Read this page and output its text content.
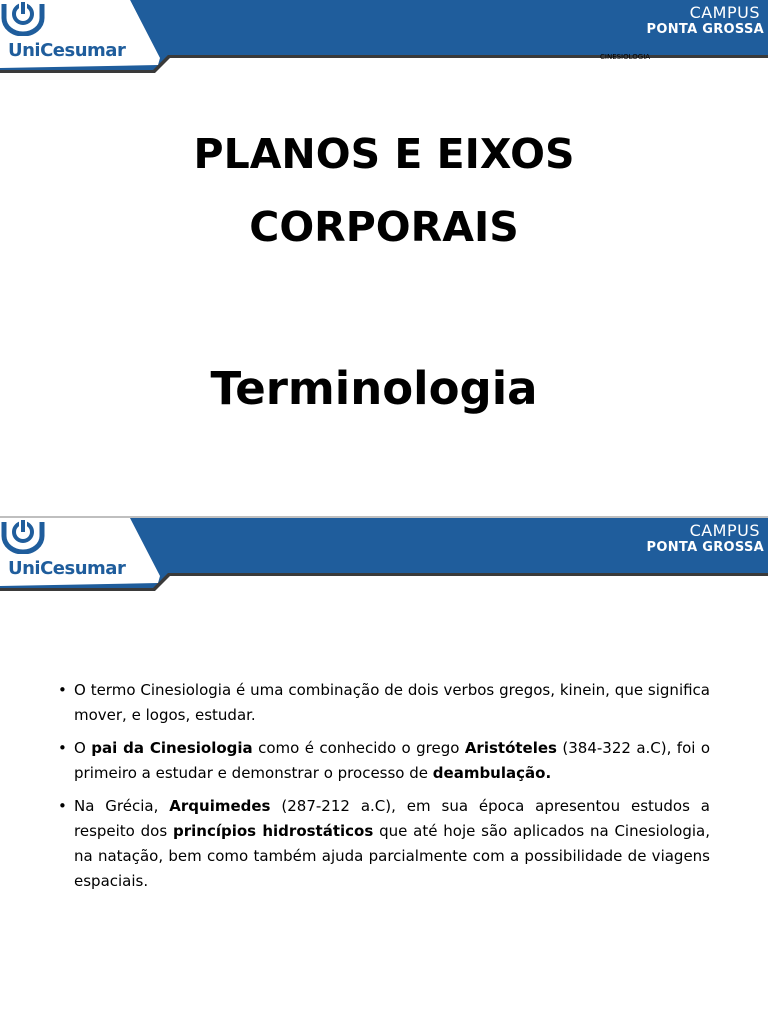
UniCesumar
CAMPUS
PONTA GROSSA
CINESIOLOGIA
PLANOS E EIXOS
CORPORAIS
Terminologia
UniCesumar
CAMPUS
PONTA GROSSA
• O termo Cinesiologia é uma combinação de dois verbos gregos, kinein, que significa mover, e logos, estudar.
• O pai da Cinesiologia como é conhecido o grego Aristóteles (384-322 a.C), foi o primeiro a estudar e demonstrar o processo de deambulação.
• Na Grécia, Arquimedes (287-212 a.C), em sua época apresentou estudos a respeito dos princípios hidrostáticos que até hoje são aplicados na Cinesiologia, na natação, bem como também ajuda parcialmente com a possibilidade de viagens espaciais.
